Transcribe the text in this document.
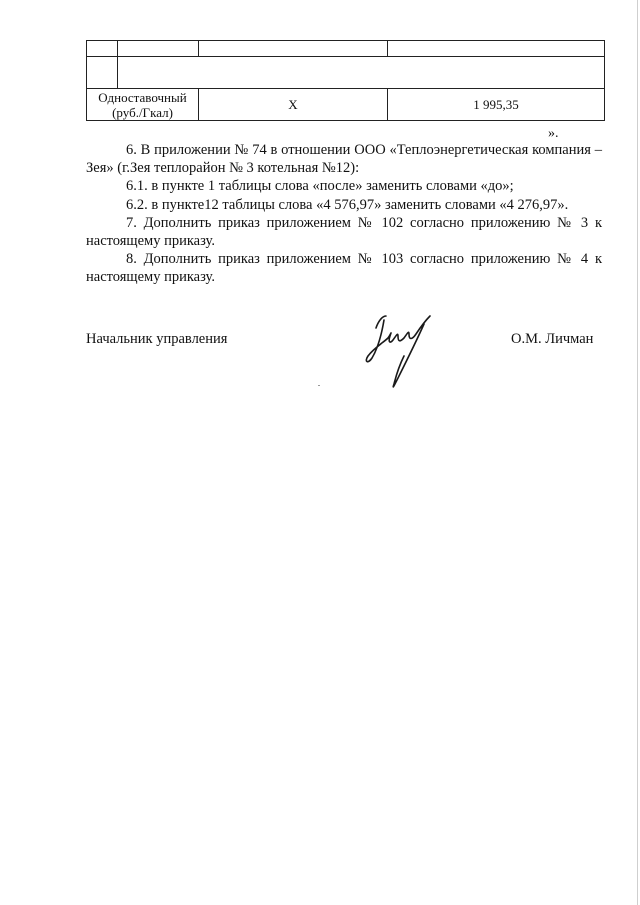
Одноставочный
(руб./Гкал)		Х	1 995,35
».

6. В приложении № 74 в отношении ООО «Теплоэнергетическая компания – Зея» (г.Зея теплорайон № 3 котельная №12):

6.1. в пункте 1 таблицы слова «после» заменить словами «до»;

6.2. в пункте12 таблицы слова «4 576,97» заменить словами «4 276,97».

7. Дополнить приказ приложением № 102 согласно приложению № 3 к настоящему приказу.

8. Дополнить приказ приложением № 103 согласно приложению № 4 к настоящему приказу.

Начальник управления	О.М. Личман
